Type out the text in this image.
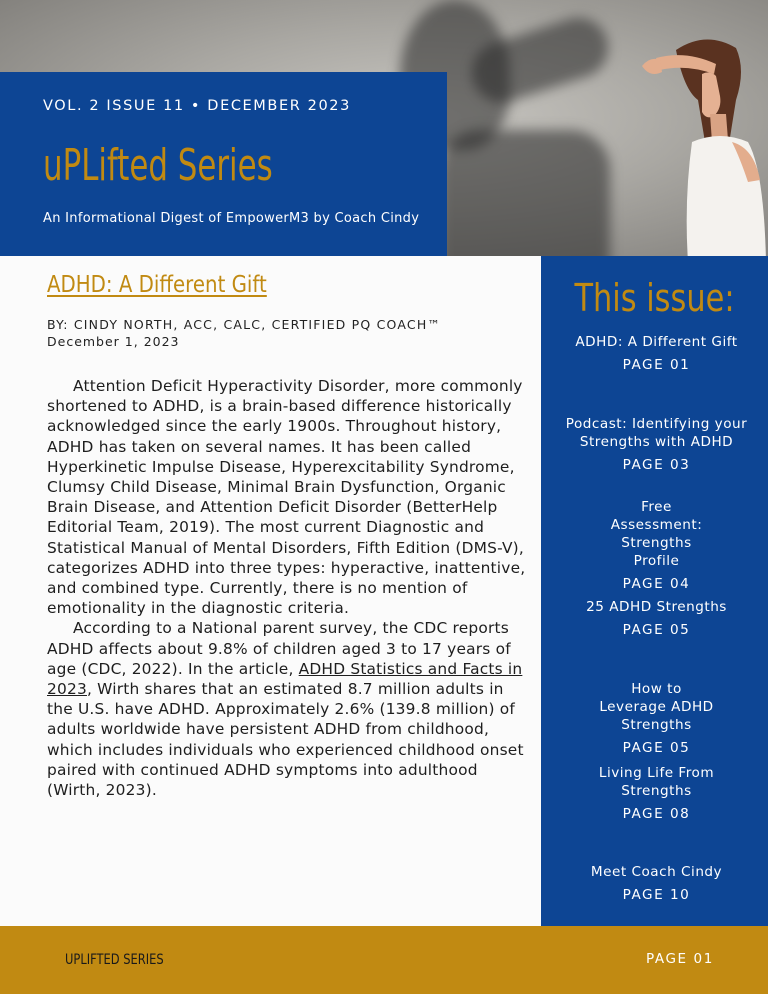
VOL. 2 ISSUE 11 • DECEMBER 2023
uPLifted Series
An Informational Digest of EmpowerM3 by Coach Cindy
ADHD: A Different Gift
BY: CINDY NORTH, ACC, CALC, CERTIFIED PQ COACH™
December 1, 2023

Attention Deficit Hyperactivity Disorder, more commonly shortened to ADHD, is a brain-based difference historically acknowledged since the early 1900s. Throughout history, ADHD has taken on several names. It has been called Hyperkinetic Impulse Disease, Hyperexcitability Syndrome, Clumsy Child Disease, Minimal Brain Dysfunction, Organic Brain Disease, and Attention Deficit Disorder (BetterHelp Editorial Team, 2019). The most current Diagnostic and Statistical Manual of Mental Disorders, Fifth Edition (DMS-V), categorizes ADHD into three types: hyperactive, inattentive, and combined type. Currently, there is no mention of emotionality in the diagnostic criteria.

According to a National parent survey, the CDC reports ADHD affects about 9.8% of children aged 3 to 17 years of age (CDC, 2022). In the article, ADHD Statistics and Facts in 2023, Wirth shares that an estimated 8.7 million adults in the U.S. have ADHD. Approximately 2.6% (139.8 million) of adults worldwide have persistent ADHD from childhood, which includes individuals who experienced childhood onset paired with continued ADHD symptoms into adulthood (Wirth, 2023).

This issue:
ADHD: A Different Gift
PAGE 01
Podcast: Identifying your Strengths with ADHD
PAGE 03
Free Assessment: Strengths Profile
PAGE 04
25 ADHD Strengths
PAGE 05
How to Leverage ADHD Strengths
PAGE 05
Living Life From Strengths
PAGE 08
Meet Coach Cindy
PAGE 10
UPLIFTED SERIES	PAGE 01
